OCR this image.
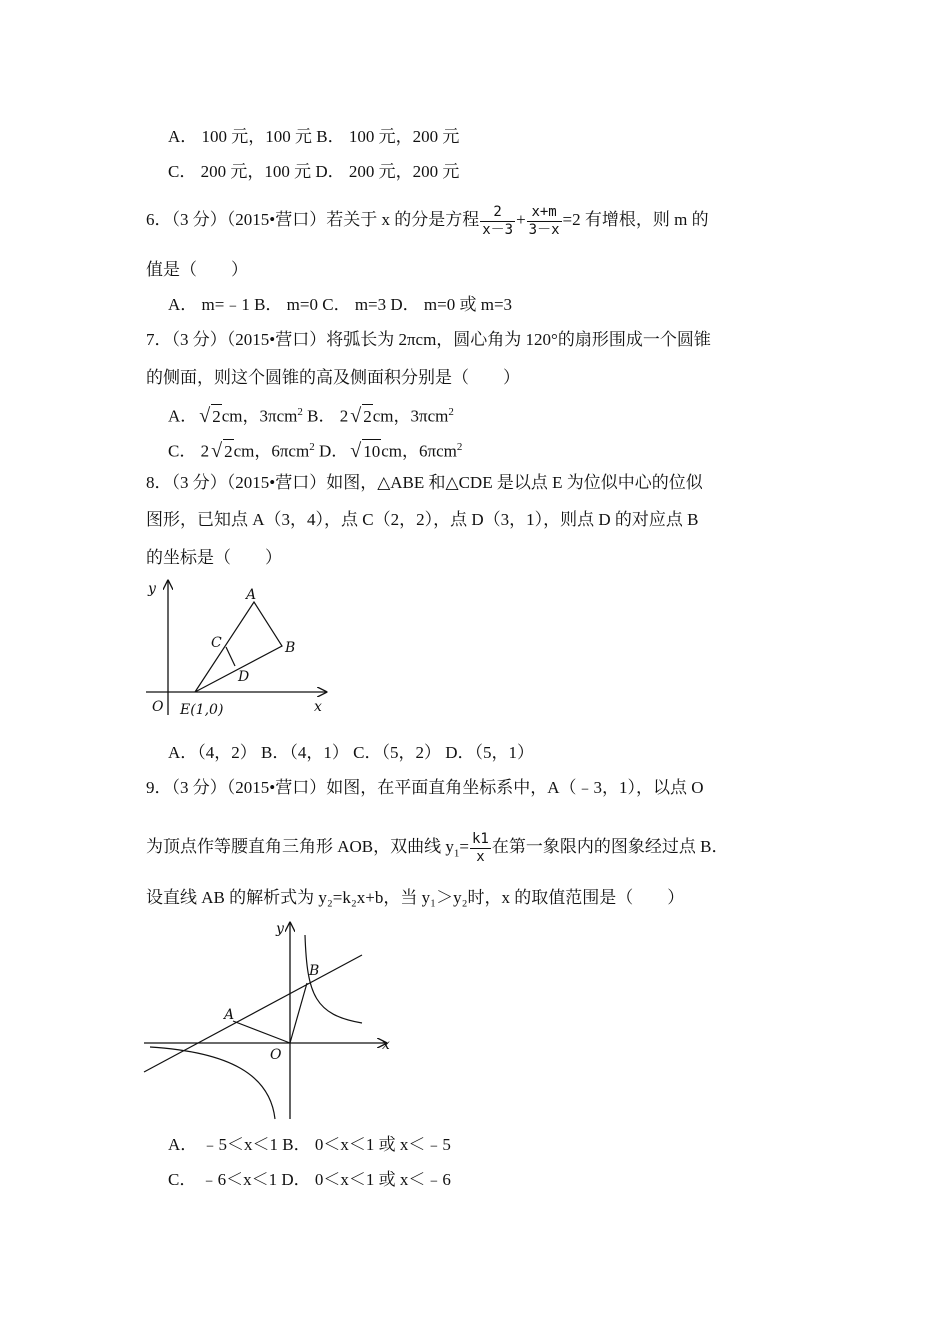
A． 100 元，100 元 B． 100 元，200 元
C． 200 元，100 元 D． 200 元，200 元
6．（3 分）（2015•营口）若关于 x 的分是方程 $\frac{2}{x-3} + \frac{x+m}{3-x} =2$ 有增根，则 m 的
值是（　　）
A． m=﹣1 B． m=0 C． m=3 D． m=0 或 m=3
7．（3 分）（2015•营口）将弧长为 2πcm，圆心角为 120°的扇形围成一个圆锥
的侧面，则这个圆锥的高及侧面积分别是（　　）
A． √ 2cm，3πcm$^2$ B． 2 √ 2cm，3πcm$^2$
C． 2 √ 2cm，6πcm$^2$ D． √ 10cm，6πcm$^2$
8．（3 分）（2015•营口）如图，△ABE 和△CDE 是以点 E 为位似中心的位似
图形，已知点 A（3，4），点 C（2，2），点 D（3，1），则点 D 的对应点 B
的坐标是（　　）
y
x
O
A
B
C
D
E(1,0)
A．（4，2） B．（4，1） C．（5，2） D．（5，1）
9．（3 分）（2015•营口）如图，在平面直角坐标系中，A（﹣3，1），以点 O
为顶点作等腰直角三角形 AOB，双曲线 $y_1= \frac{k1}{x}$ 在第一象限内的图象经过点 B．
设直线 AB 的解析式为 y₂=k₂x+b，当 y₁＞y₂时，x 的取值范围是（　　）
y
x
O
A
B
A． ﹣5＜x＜1 B． 0＜x＜1 或 x＜﹣5
C． ﹣6＜x＜1 D． 0＜x＜1 或 x＜﹣6
